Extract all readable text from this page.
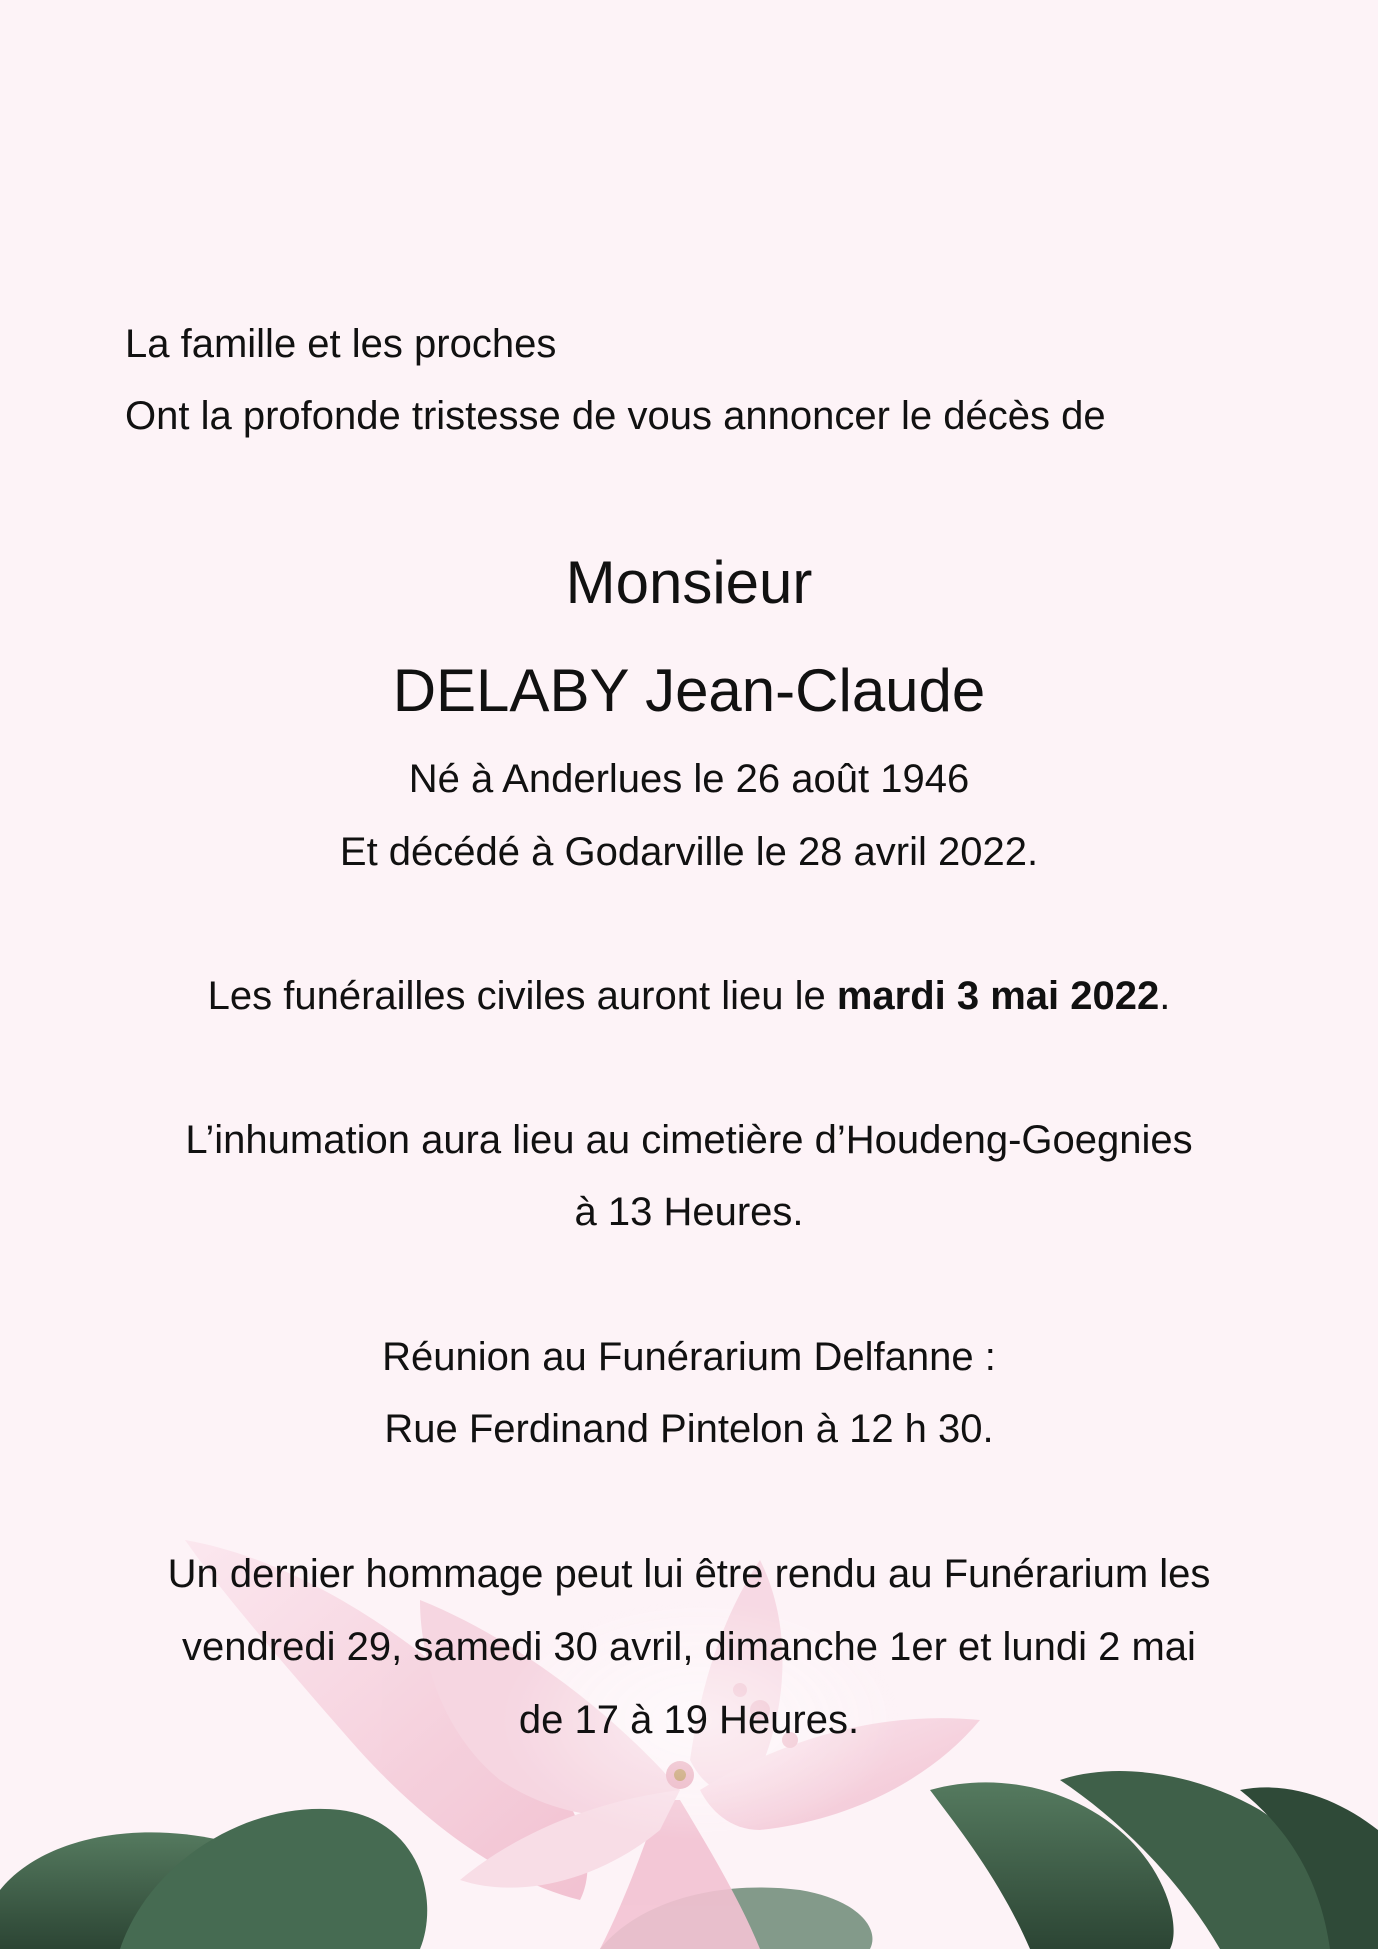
La famille et les proches

Ont la profonde tristesse de vous annoncer le décès de

Monsieur

DELABY Jean-Claude

Né à Anderlues le 26 août 1946

Et décédé à Godarville le 28 avril 2022.

Les funérailles civiles auront lieu le mardi 3 mai 2022.

L’inhumation aura lieu au cimetière d’Houdeng-Goegnies

à 13 Heures.

Réunion au Funérarium Delfanne :

Rue Ferdinand Pintelon à 12 h 30.

Un dernier hommage peut lui être rendu au Funérarium les

vendredi 29, samedi 30 avril, dimanche 1er et lundi 2 mai

de 17 à 19 Heures.
